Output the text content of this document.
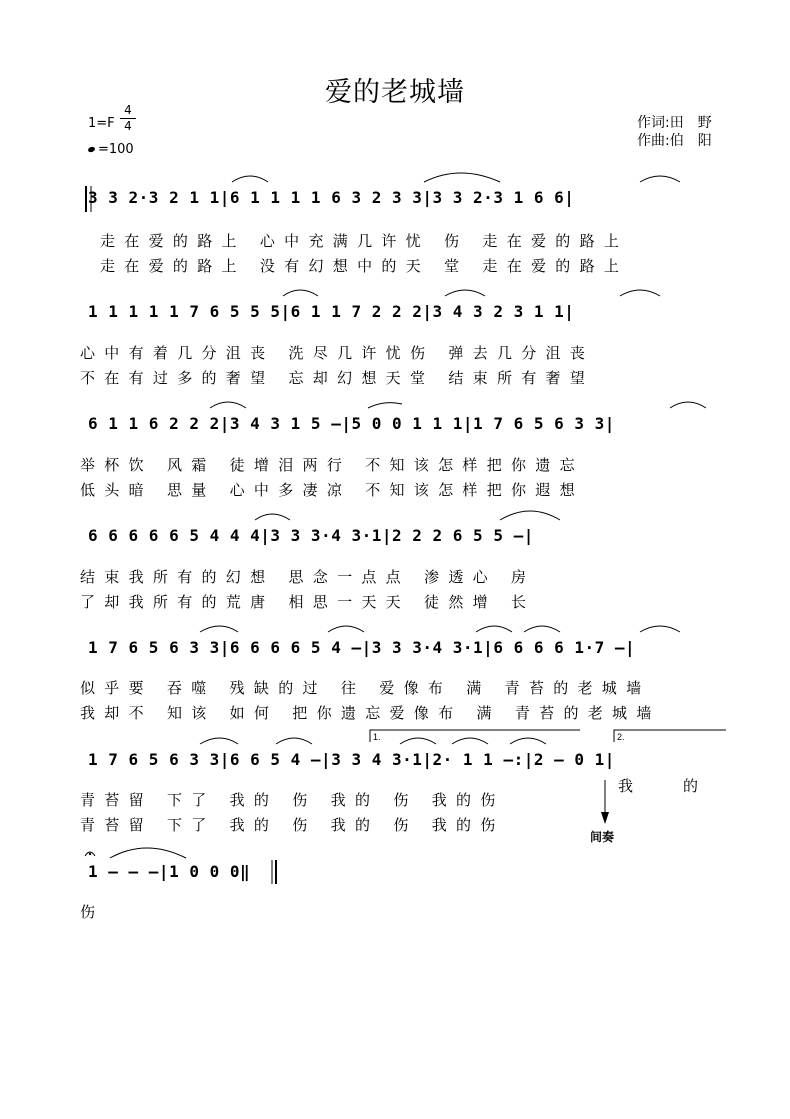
爱的老城墙
1=F
4
4
=100
作词:田　野
作曲:伯　阳
3 3 2·3 2 1 1|6 1 1 1 1 6 3 2 3 3|3 3 2·3 1 6 6|
走在爱的路上 心中充满几许忧 伤 走在爱的路上
走在爱的路上 没有幻想中的天 堂 走在爱的路上
1 1 1 1 1 7 6 5 5 5|6 1 1 7 2 2 2|3 4 3 2 3 1 1|
心中有着几分沮丧 洗尽几许忧伤 弹去几分沮丧
不在有过多的奢望 忘却幻想天堂 结束所有奢望
6 1 1 6 2 2 2|3 4 3 1 5 –|5 0 0 1 1 1|1 7 6 5 6 3 3|
举杯饮 风霜 徒增泪两行 不知该怎样把你遗忘
低头暗 思量 心中多凄凉 不知该怎样把你遐想
6 6 6 6 6 5 4 4 4|3 3 3·4 3·1|2 2 2 6 5 5 –|
结束我所有的幻想 思念一点点 渗透心 房
了却我所有的荒唐 相思一天天 徒然增 长
1 7 6 5 6 3 3|6 6 6 6 5 4 –|3 3 3·4 3·1|6 6 6 6 1·7 –|
似乎要 吞噬 残缺的过 往 爱像布 满 青苔的老城墙
我却不 知该 如何 把你遗忘爱像布 满 青苔的老城墙
1 7 6 5 6 3 3|6 6 5 4 –|3 3 4 3·1|2· 1 1 –:|2 – 0 1|
青苔留 下了 我的 伤 我的 伤 我的伤
青苔留 下了 我的 伤 我的 伤 我的伤
我的
间奏
1 – – –|1 0 0 0‖
伤
1.	2.
